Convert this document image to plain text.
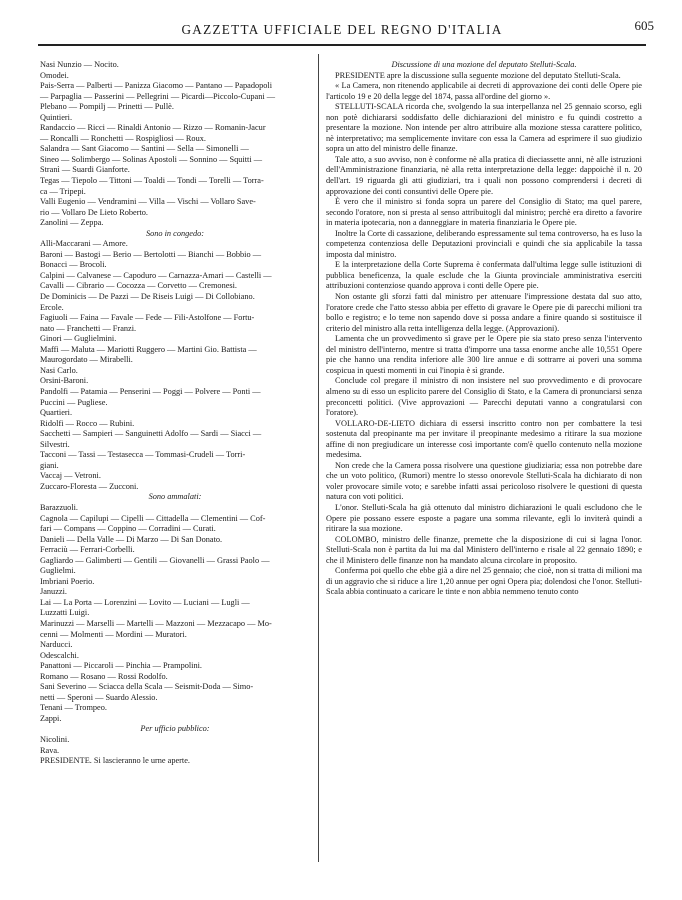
GAZZETTA UFFICIALE DEL REGNO D'ITALIA	605

Nasi Nunzio — Nocito.

Omodei.

Pais-Serra — Palberti — Panizza Giacomo — Pantano — Papadopoli

— Parpaglia — Passerini — Pellegrini — Picardi—Piccolo-Cupani —

Plebano — Pompilj — Prinetti — Pullè.

Quintieri.

Randaccio — Ricci — Rinaldi Antonio — Rizzo — Romanin-Jacur

— Roncalli — Ronchetti — Rospigliosi — Roux.

Salandra — Sant Giacomo — Santini — Sella — Simonelli —

Sineo — Solimbergo — Solinas Apostoli — Sonnino — Squitti —

Stranì — Suardi Gianforte.

Tegas — Tiepolo — Tittoni — Toaldi — Tondi — Torelli — Torra-

ca — Tripepi.

Valli Eugenio — Vendramini — Villa — Vischi — Vollaro Save-

rio — Vollaro De Lieto Roberto.

Zanolini — Zeppa.

Sono in congedo:

Alli-Maccarani — Amore.

Baroni — Bastogi — Berio — Bertolotti — Bianchi — Bobbio —

Bonacci — Brocoli.

Calpini — Calvanese — Capoduro — Carnazza-Amari — Castelli —

Cavalli — Cibrario — Cocozza — Corvetto — Cremonesi.

De Dominicis — De Pazzi — De Riseis Luigi — Di Collobiano.

Ercole.

Fagiuoli — Faina — Favale — Fede — Fili-Astolfone — Fortu-

nato — Franchetti — Franzi.

Ginori — Guglielmini.

Maffi — Maluta — Mariotti Ruggero — Martini Gio. Battista —

Maurogordato — Mirabelli.

Nasi Carlo.

Orsini-Baroni.

Pandolfi — Patamia — Penserini — Poggi — Polvere — Ponti —

Puccini — Pugliese.

Quartieri.

Ridolfi — Rocco — Rubini.

Sacchetti — Sampieri — Sanguinetti Adolfo — Sardi — Siacci —

Silvestri.

Tacconi — Tassi — Testasecca — Tommasi-Crudeli — Torri-

giani.

Vaccaj — Vetroni.

Zuccaro-Floresta — Zucconi.

Sono ammalati:

Barazzuoli.

Cagnola — Capilupi — Cipelli — Cittadella — Clementini — Cof-

fari — Compans — Coppino — Corradini — Curati.

Danieli — Della Valle — Di Marzo — Di San Donato.

Ferraciù — Ferrari-Corbelli.

Gagliardo — Galimberti — Gentili — Giovanelli — Grassi Paolo —

Guglielmi.

Imbriani Poerio.

Januzzi.

Lai — La Porta — Lorenzini — Lovito — Luciani — Lugli —

Luzzatti Luigi.

Marinuzzi — Marselli — Martelli — Mazzoni — Mezzacapo — Mo-

cenni — Molmenti — Mordini — Muratori.

Narducci.

Odescalchi.

Panattoni — Piccaroli — Pinchia — Prampolini.

Romano — Rosano — Rossi Rodolfo.

Sani Severino — Sciacca della Scala — Seismit-Doda — Simo-

netti — Speroni — Suardo Alessio.

Tenani — Trompeo.

Zappi.

Per ufficio pubblico:

Nicolini.

Rava.

PRESIDENTE. Si lascieranno le urne aperte.

Discussione di una mozione del deputato Stelluti-Scala.

PRESIDENTE apre la discussione sulla seguente mozione del deputato Stelluti-Scala.

« La Camera, non ritenendo applicabile ai decreti di approvazione dei conti delle Opere pie l'articolo 19 e 20 della legge del 1874, passa all'ordine del giorno ».

STELLUTI-SCALA ricorda che, svolgendo la sua interpellanza nel 25 gennaio scorso, egli non potè dichiararsi soddisfatto delle dichiarazioni del ministro e fu quindi costretto a presentare la mozione. Non intende per altro attribuire alla mozione stessa carattere politico, nè interpretativo; ma semplicemente invitare con essa la Camera ad esprimere il suo giudizio sopra un atto del ministro delle finanze.

Tale atto, a suo avviso, non è conforme nè alla pratica di dieciassette anni, nè alle istruzioni dell'Amministrazione finanziaria, nè alla retta interpretazione della legge: dappoichè il n. 20 dell'art. 19 riguarda gli atti giudiziari, tra i quali non possono comprendersi i decreti di approvazione dei conti consuntivi delle Opere pie.

È vero che il ministro si fonda sopra un parere del Consiglio di Stato; ma quel parere, secondo l'oratore, non si presta al senso attribuitogli dal ministro; perchè era diretto a favorire in materia ipotecaria, non a danneggiare in materia finanziaria le Opere pie.

Inoltre la Corte di cassazione, deliberando espressamente sul tema controverso, ha es luso la competenza contenziosa delle Deputazioni provinciali e quindi che sia applicabile la tassa imposta dal ministro.

E la interpretazione della Corte Suprema è confermata dall'ultima legge sulle istituzioni di pubblica beneficenza, la quale esclude che la Giunta provinciale amministrativa eserciti attribuzioni contenziose quando approva i conti delle Opere pie.

Non ostante gli sforzi fatti dal ministro per attenuare l'impressione destata dal suo atto, l'oratore crede che l'atto stesso abbia per effetto di gravare le Opere pie di parecchi milioni tra bollo e registro; e lo teme non sapendo dove si possa andare a finire quando si sostituisce il criterio del ministro alla retta intelligenza della legge. (Approvazioni).

Lamenta che un provvedimento sì grave per le Opere pie sia stato preso senza l'intervento del ministro dell'interno, mentre si tratta d'imporre una tassa enorme anche alle 10,551 Opere pie che hanno una rendita inferiore alle 300 lire annue e di sottrarre ai poveri una somma cospicua in questi momenti in cui l'inopia è sì grande.

Conclude col pregare il ministro di non insistere nel suo provvedimento e di provocare almeno su di esso un esplicito parere del Consiglio di Stato, e la Camera di pronunciarsi senza preconcetti politici. (Vive approvazioni — Parecchi deputati vanno a congratularsi con l'oratore).

VOLLARO-DE-LIETO dichiara di essersi inscritto contro non per combattere la tesi sostenuta dal preopinante ma per invitare il preopinante medesimo a ritirare la sua mozione affine di non pregiudicare un interesse così importante com'è quello contenuto nella mozione medesima.

Non crede che la Camera possa risolvere una questione giudiziaria; essa non potrebbe dare che un voto politico, (Rumori) mentre lo stesso onorevole Stelluti-Scala ha dichiarato di non voler provocare simile voto; e sarebbe infatti assai pericoloso risolvere le questioni di questa natura con voti politici.

L'onor. Stelluti-Scala ha già ottenuto dal ministro dichiarazioni le quali escludono che le Opere pie possano essere esposte a pagare una somma rilevante, egli lo inviterà quindi a ritirare la sua mozione.

COLOMBO, ministro delle finanze, premette che la disposizione di cui si lagna l'onor. Stelluti-Scala non è partita da lui ma dal Ministero dell'interno e risale al 22 gennaio 1890; e che il Ministero delle finanze non ha mandato alcuna circolare in proposito.

Conferma poi quello che ebbe già a dire nel 25 gennaio; che cioè, non si tratta di milioni ma di un aggravio che si riduce a lire 1,20 annue per ogni Opera pia; dolendosi che l'onor. Stelluti-Scala abbia continuato a caricare le tinte e non abbia nemmeno tenuto conto
